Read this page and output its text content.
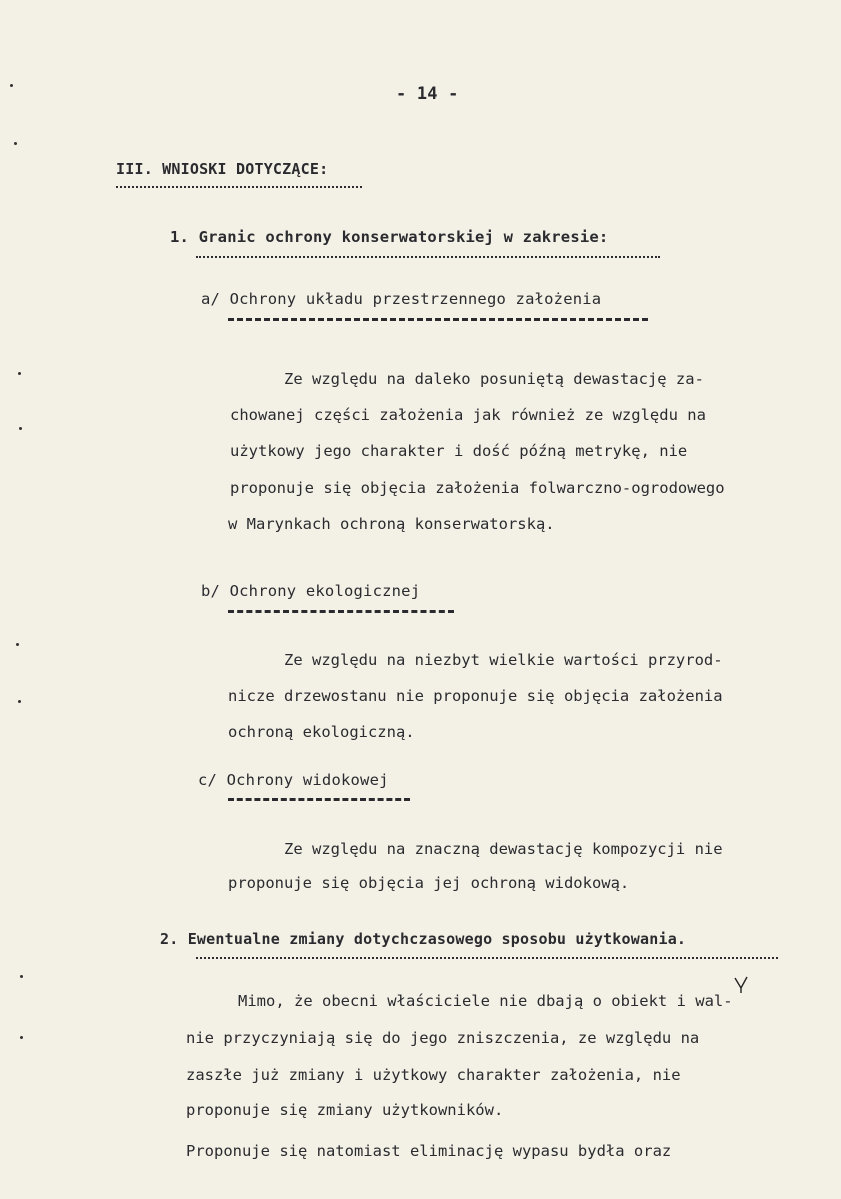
- 14 -
III. WNIOSKI DOTYCZĄCE:
1. Granic ochrony konserwatorskiej w zakresie:
a/ Ochrony układu przestrzennego założenia
Ze względu na daleko posuniętą dewastację za-
chowanej części założenia jak również ze względu na
użytkowy jego charakter i dość późną metrykę, nie
proponuje się objęcia założenia folwarczno-ogrodowego
w Marynkach ochroną konserwatorską.
b/ Ochrony ekologicznej
Ze względu na niezbyt wielkie wartości przyrod-
nicze drzewostanu nie proponuje się objęcia założenia
ochroną ekologiczną.
c/ Ochrony widokowej
Ze względu na znaczną dewastację kompozycji nie
proponuje się objęcia jej ochroną widokową.
2. Ewentualne zmiany dotychczasowego sposobu użytkowania.
Mimo, że obecni właściciele nie dbają o obiekt i wal-
nie przyczyniają się do jego zniszczenia, ze względu na
zaszłe już zmiany i użytkowy charakter założenia, nie
proponuje się zmiany użytkowników.
Proponuje się natomiast eliminację wypasu bydła oraz
